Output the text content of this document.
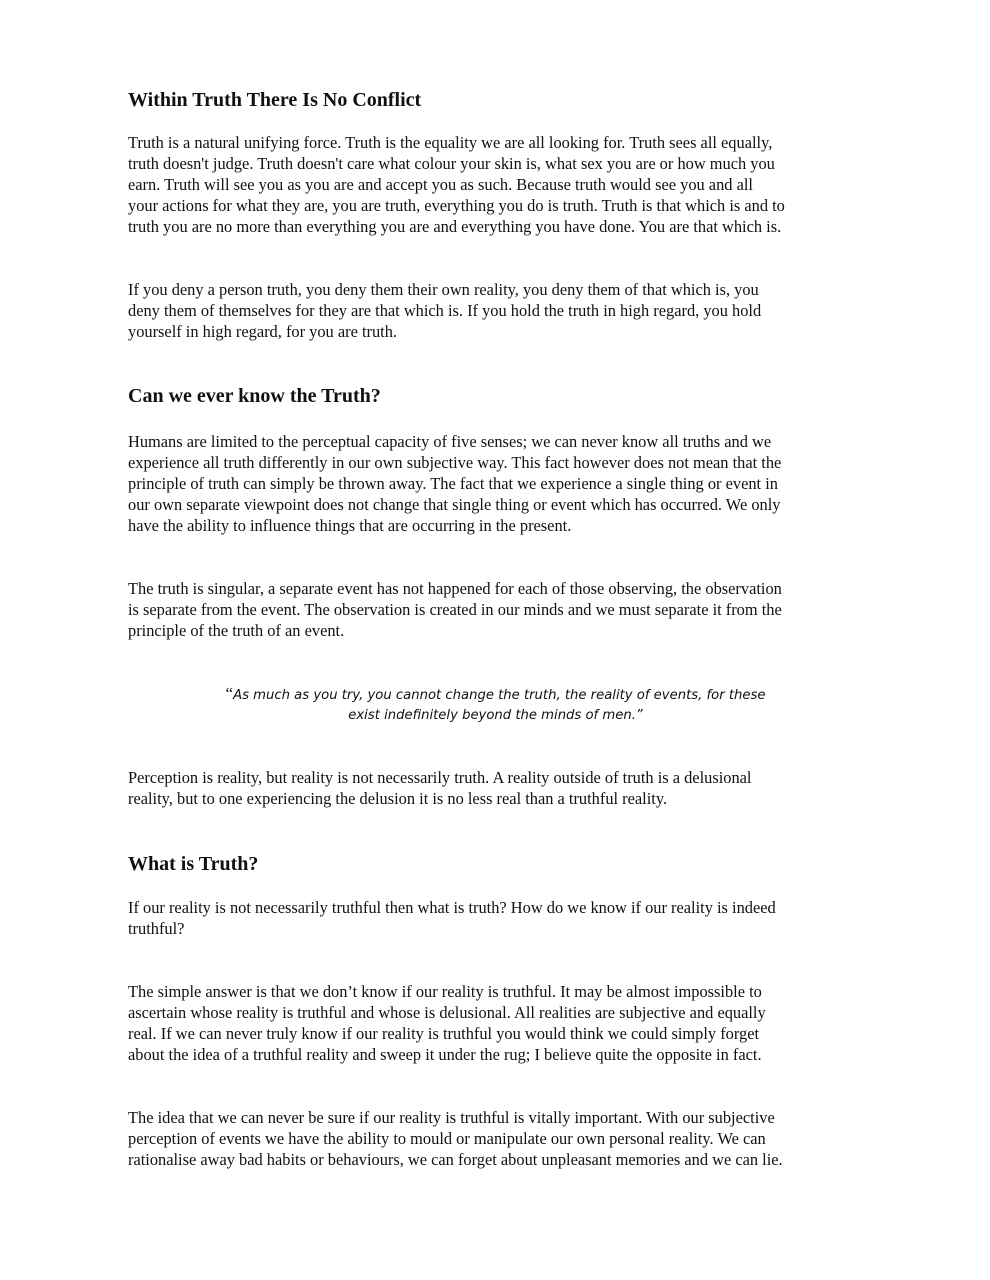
Within Truth There Is No Conflict
Truth is a natural unifying force. Truth is the equality we are all looking for. Truth sees all equally,
truth doesn't judge. Truth doesn't care what colour your skin is, what sex you are or how much you
earn. Truth will see you as you are and accept you as such. Because truth would see you and all
your actions for what they are, you are truth, everything you do is truth. Truth is that which is and to
truth you are no more than everything you are and everything you have done. You are that which is.
If you deny a person truth, you deny them their own reality, you deny them of that which is, you
deny them of themselves for they are that which is. If you hold the truth in high regard, you hold
yourself in high regard, for you are truth.
Can we ever know the Truth?
Humans are limited to the perceptual capacity of five senses; we can never know all truths and we
experience all truth differently in our own subjective way. This fact however does not mean that the
principle of truth can simply be thrown away. The fact that we experience a single thing or event in
our own separate viewpoint does not change that single thing or event which has occurred. We only
have the ability to influence things that are occurring in the present.
The truth is singular, a separate event has not happened for each of those observing, the observation
is separate from the event. The observation is created in our minds and we must separate it from the
principle of the truth of an event.
“As much as you try, you cannot change the truth, the reality of events, for these
exist indefinitely beyond the minds of men.”
Perception is reality, but reality is not necessarily truth. A reality outside of truth is a delusional
reality, but to one experiencing the delusion it is no less real than a truthful reality.
What is Truth?
If our reality is not necessarily truthful then what is truth? How do we know if our reality is indeed
truthful?
The simple answer is that we don’t know if our reality is truthful. It may be almost impossible to
ascertain whose reality is truthful and whose is delusional. All realities are subjective and equally
real. If we can never truly know if our reality is truthful you would think we could simply forget
about the idea of a truthful reality and sweep it under the rug; I believe quite the opposite in fact.
The idea that we can never be sure if our reality is truthful is vitally important. With our subjective
perception of events we have the ability to mould or manipulate our own personal reality. We can
rationalise away bad habits or behaviours, we can forget about unpleasant memories and we can lie.
